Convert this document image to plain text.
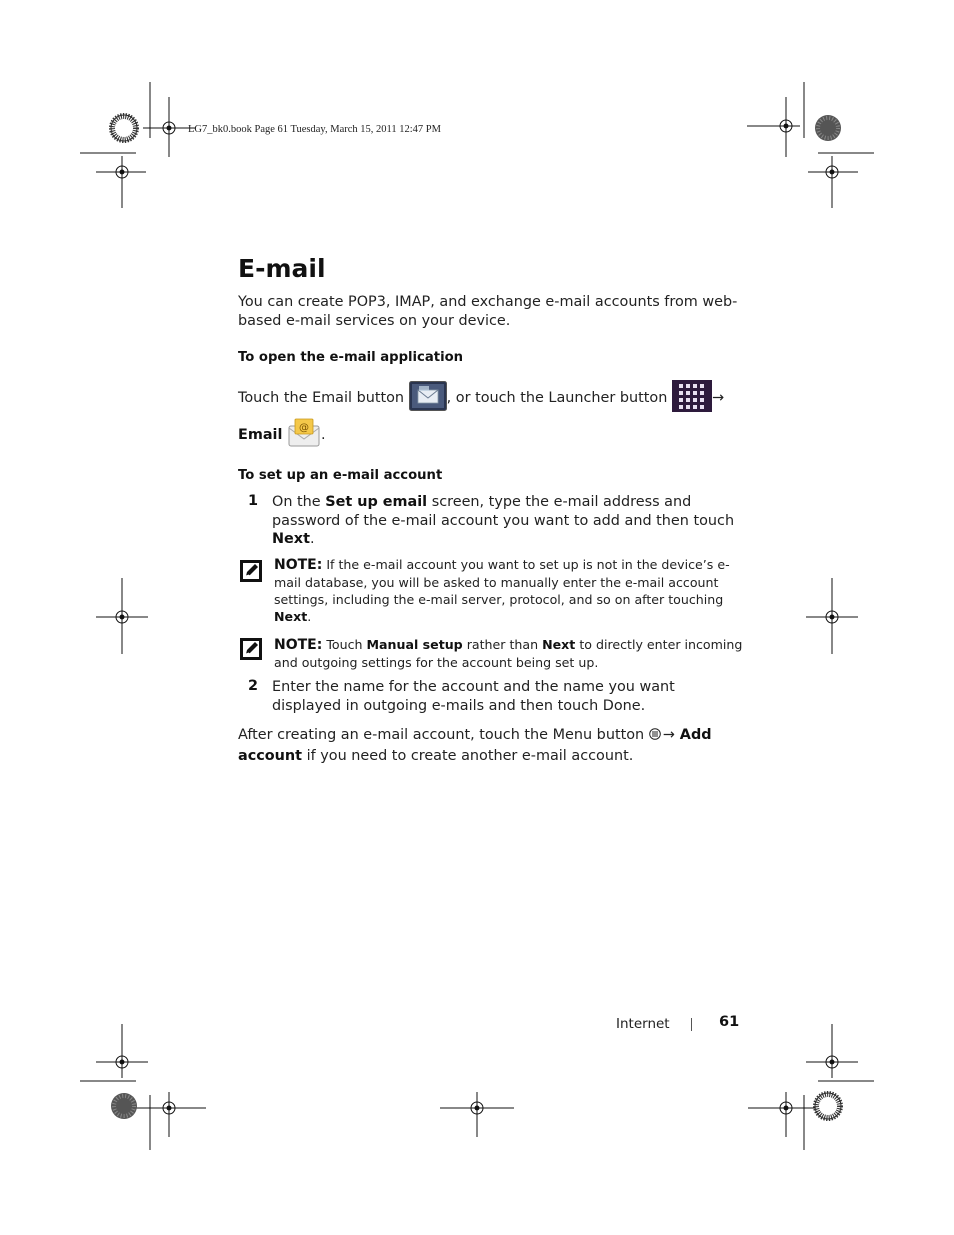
LG7_bk0.book Page 61 Tuesday, March 15, 2011 12:47 PM
E-mail
You can create POP3, IMAP, and exchange e-mail accounts from web-based e-mail services on your device.
To open the e-mail application
Touch the Email button	, or touch the Launcher button	→
Email @ .
To set up an e-mail account
1 On the Set up email screen, type the e-mail address and password of the e-mail account you want to add and then touch Next.
NOTE: If the e-mail account you want to set up is not in the device’s e-mail database, you will be asked to manually enter the e-mail account settings, including the e-mail server, protocol, and so on after touching Next.
NOTE: Touch Manual setup rather than Next to directly enter incoming and outgoing settings for the account being set up.
2 Enter the name for the account and the name you want displayed in outgoing e-mails and then touch Done.
After creating an e-mail account, touch the Menu button → Add account if you need to create another e-mail account.
Internet	61
